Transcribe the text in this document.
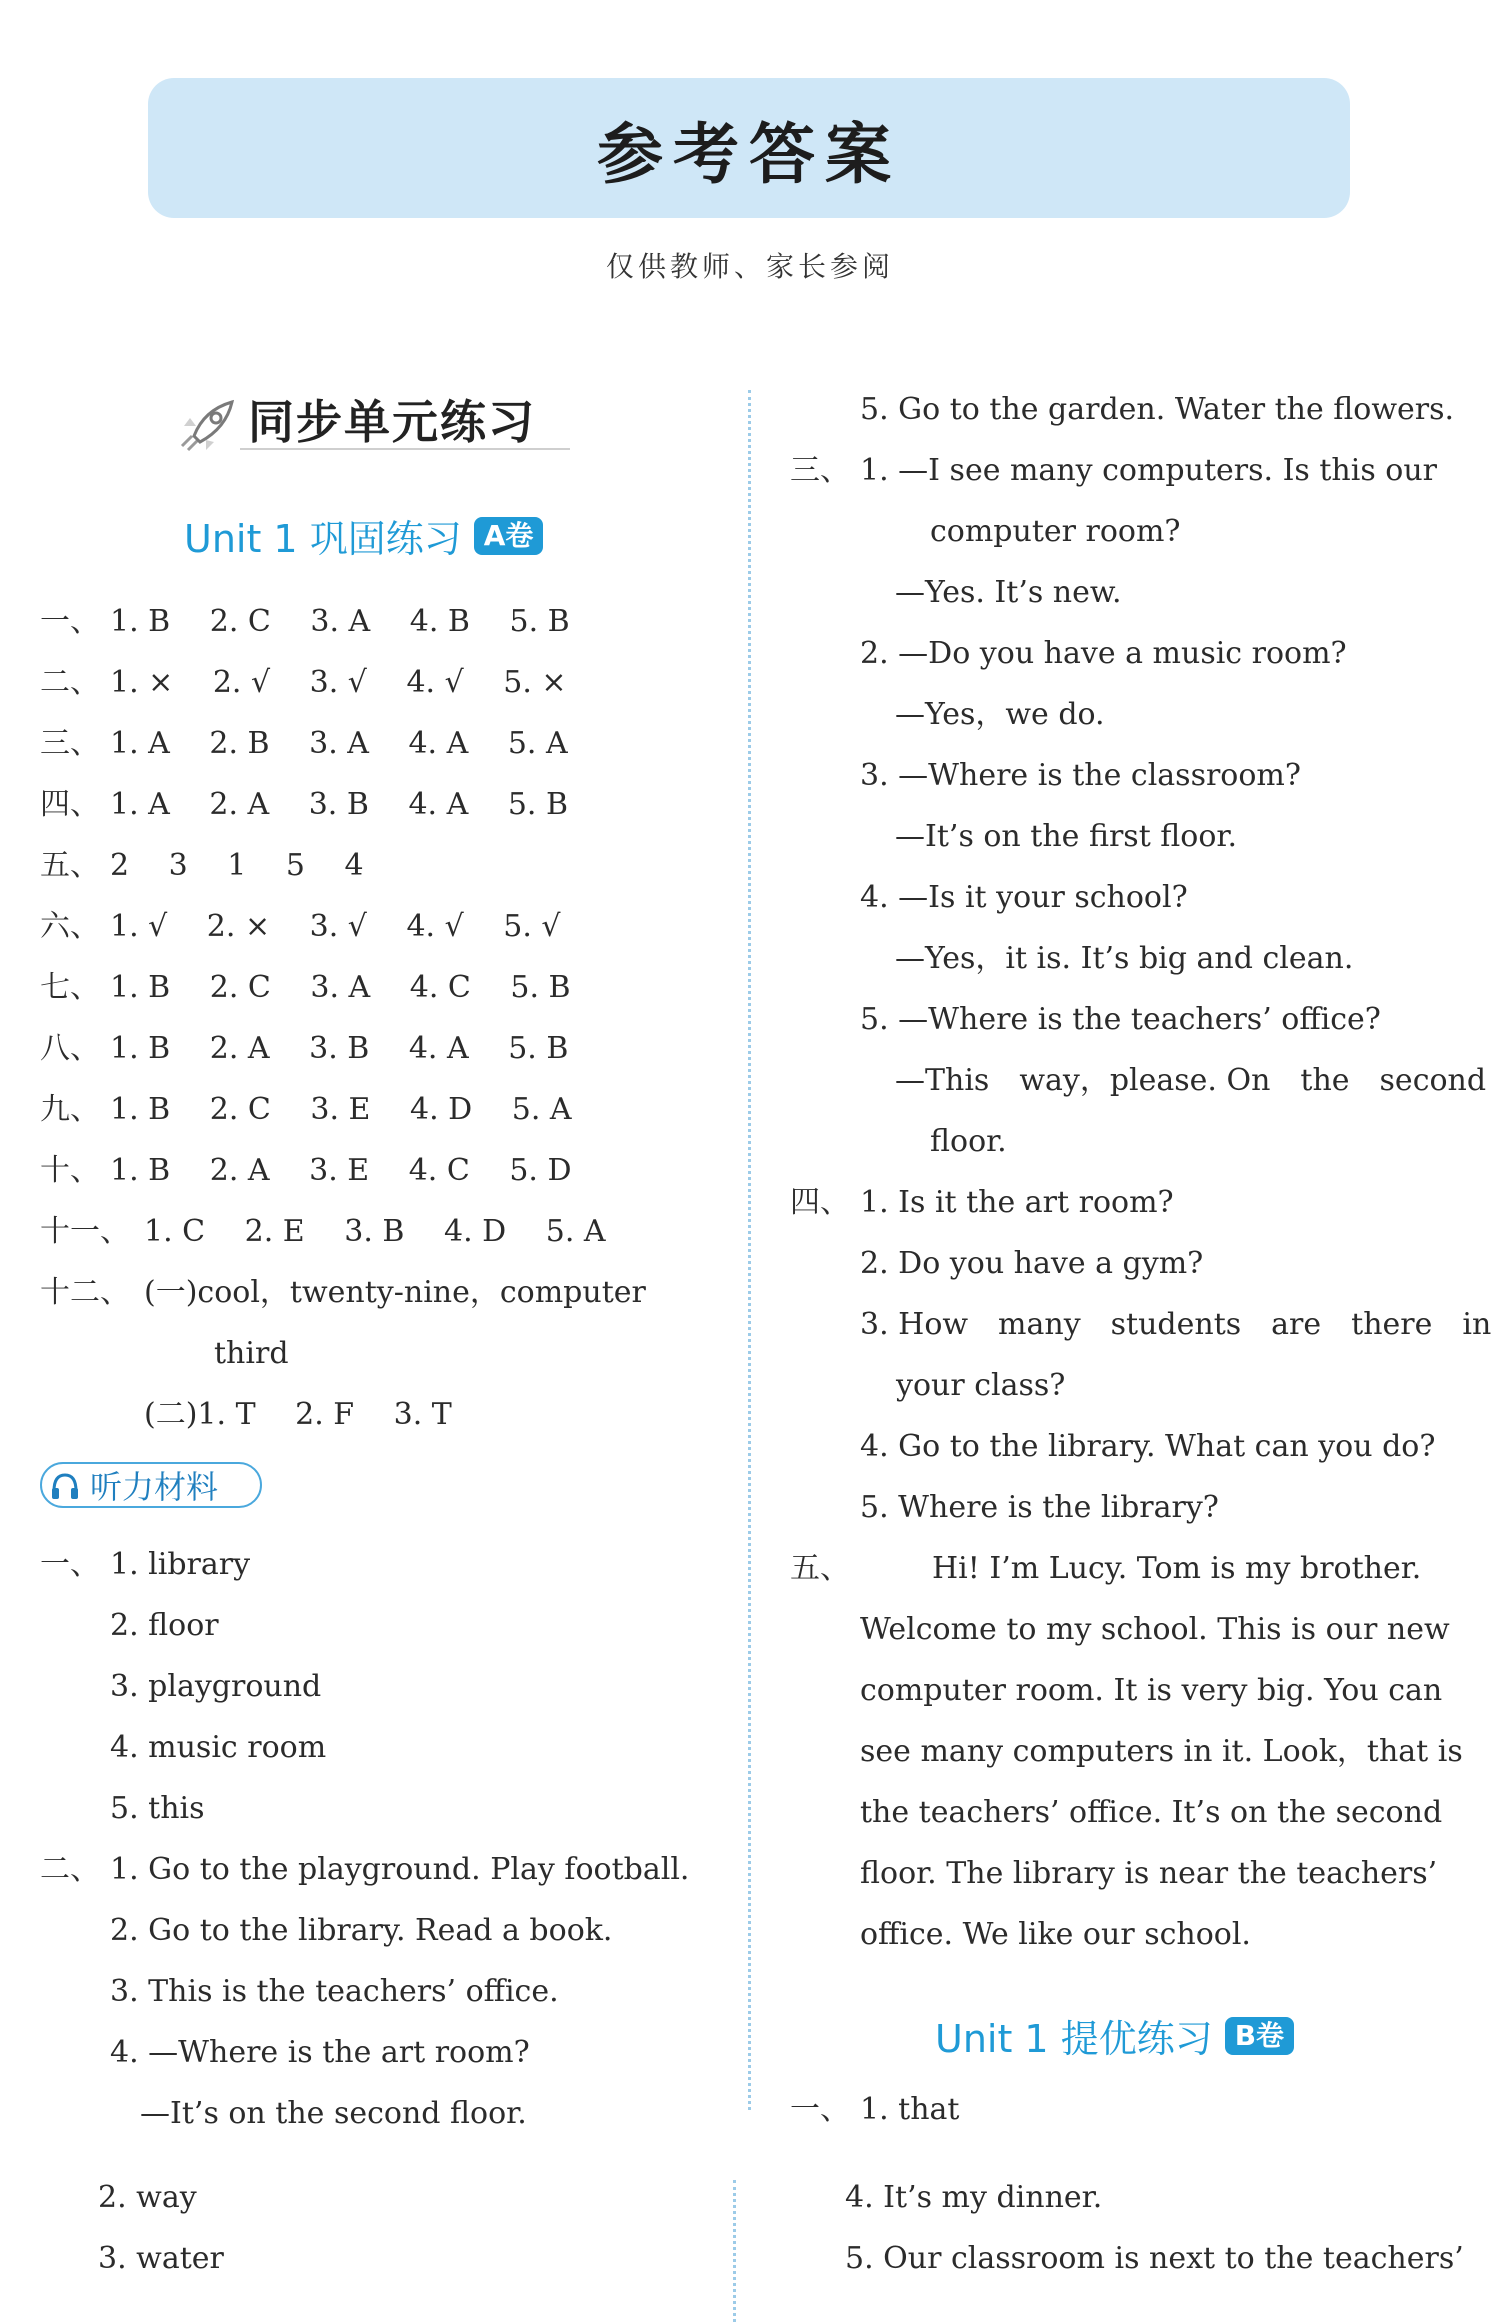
参考答案
仅供教师、家长参阅
同步单元练习
Unit 1 巩固练习 A卷
一、 1. B　 2. C　 3. A　 4. B　 5. B
二、 1. ×　 2. √　 3. √　 4. √　 5. ×
三、 1. A　 2. B　 3. A　 4. A　 5. A
四、 1. A　 2. A　 3. B　 4. A　 5. B
五、 2　 3　 1　 5　 4
六、 1. √　 2. ×　 3. √　 4. √　 5. √
七、 1. B　 2. C　 3. A　 4. C　 5. B
八、 1. B　 2. A　 3. B　 4. A　 5. B
九、 1. B　 2. C　 3. E　 4. D　 5. A
十、 1. B　 2. A　 3. E　 4. C　 5. D
十一、 1. C　 2. E　 3. B　 4. D　 5. A
十二、 (一)cool，twenty-nine，computer
third
(二)1. T　 2. F　 3. T
听力材料
一、 1. library
2. floor
3. playground
4. music room
5. this
二、 1. Go to the playground. Play football.
2. Go to the library. Read a book.
3. This is the teachers’ office.
4. —Where is the art room?
—It’s on the second floor.
2. way
3. water
5. Go to the garden. Water the flowers.
三、 1. —I see many computers. Is this our
computer room?
—Yes. It’s new.
2. —Do you have a music room?
—Yes，we do.
3. —Where is the classroom?
—It’s on the first floor.
4. —Is it your school?
—Yes，it is. It’s big and clean.
5. —Where is the teachers’ office?
—This　way，please. On　the　second
floor.
四、 1. Is it the art room?
2. Do you have a gym?
3. How　many　students　are　there　in
your class?
4. Go to the library. What can you do?
5. Where is the library?
五、	Hi! I’m Lucy. Tom is my brother.
Welcome to my school. This is our new
computer room. It is very big. You can
see many computers in it. Look，that is
the teachers’ office. It’s on the second
floor. The library is near the teachers’
office. We like our school.
Unit 1 提优练习 B卷
一、 1. that
4. It’s my dinner.
5. Our classroom is next to the teachers’
